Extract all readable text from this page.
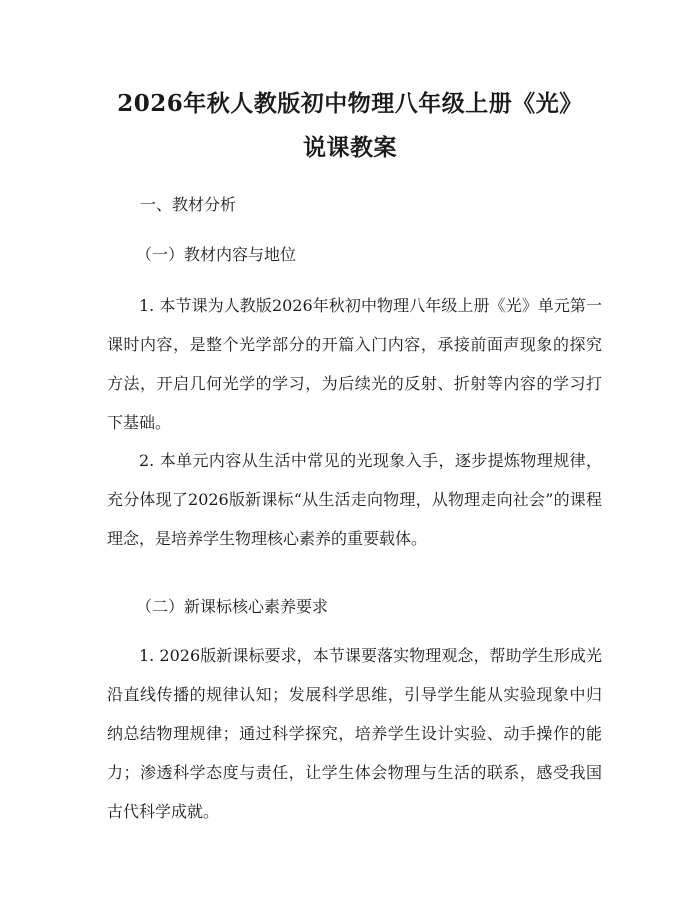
2026年秋人教版初中物理八年级上册《光》
说课教案
一、教材分析
（一）教材内容与地位
1. 本节课为人教版2026年秋初中物理八年级上册《光》单元第一课时内容，是整个光学部分的开篇入门内容，承接前面声现象的探究方法，开启几何光学的学习，为后续光的反射、折射等内容的学习打下基础。
2. 本单元内容从生活中常见的光现象入手，逐步提炼物理规律，充分体现了2026版新课标“从生活走向物理，从物理走向社会”的课程理念，是培养学生物理核心素养的重要载体。
（二）新课标核心素养要求
1. 2026版新课标要求，本节课要落实物理观念，帮助学生形成光沿直线传播的规律认知；发展科学思维，引导学生能从实验现象中归纳总结物理规律；通过科学探究，培养学生设计实验、动手操作的能力；渗透科学态度与责任，让学生体会物理与生活的联系，感受我国古代科学成就。
